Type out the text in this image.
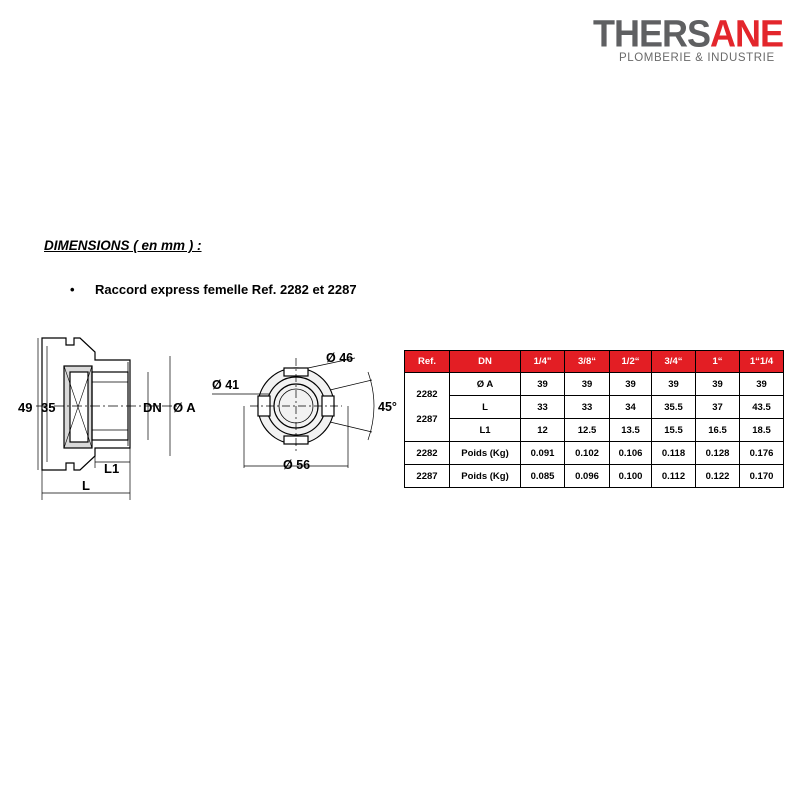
THERSANE
PLOMBERIE & INDUSTRIE
DIMENSIONS ( en mm ) :
• Raccord express femelle Ref. 2282 et 2287
49 35	DN Ø A
L1
L
Ø 46
Ø 41
45°
Ø 56
Ref.	DN	1/4"	3/8“	1/2“	3/4“	1“	1“1/4

2282
2287	Ø A	39	39	39	39	39	39
	L	33	33	34	35.5	37	43.5
	L1	12	12.5	13.5	15.5	16.5	18.5
2282	Poids (Kg)	0.091	0.102	0.106	0.118	0.128	0.176
2287	Poids (Kg)	0.085	0.096	0.100	0.112	0.122	0.170
